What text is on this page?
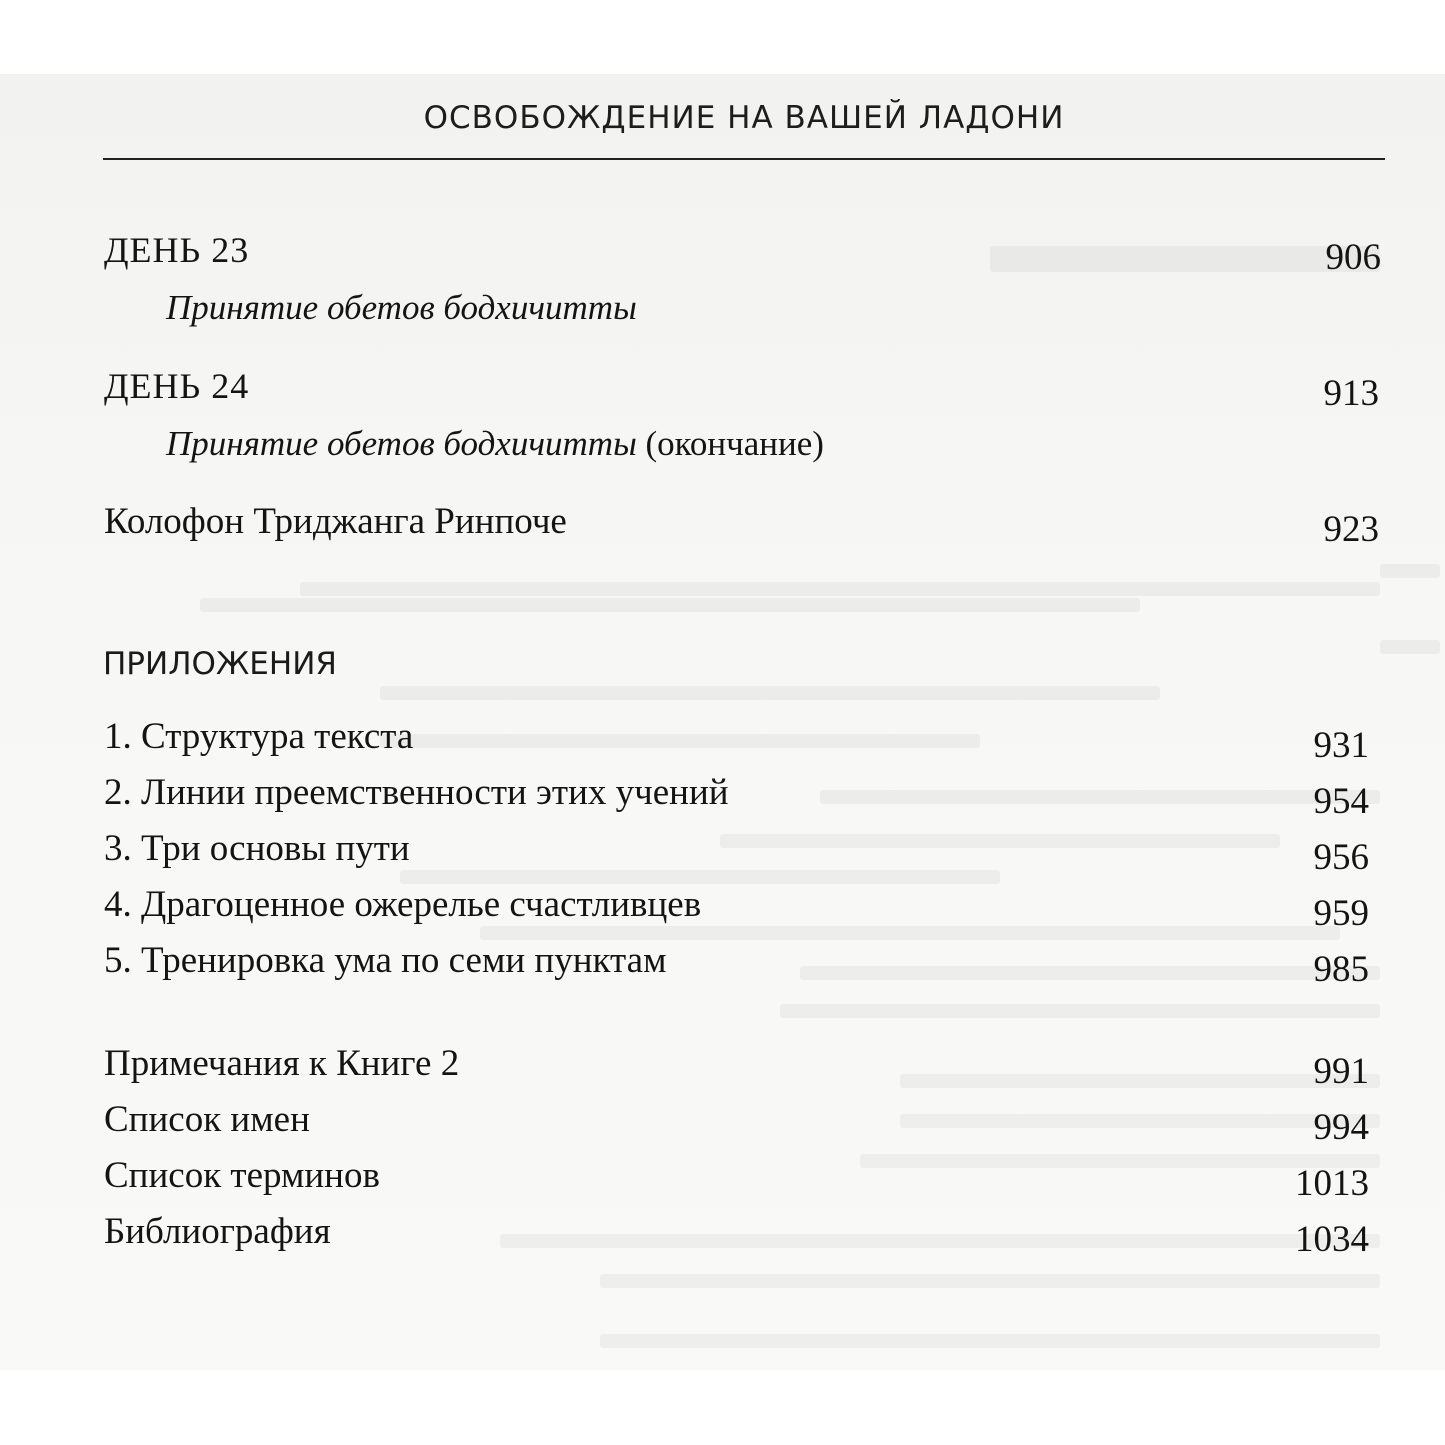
ОСВОБОЖДЕНИЕ НА ВАШЕЙ ЛАДОНИ
ДЕНЬ 23	906
Принятие обетов бодхичитты
ДЕНЬ 24	913
Принятие обетов бодхичитты (окончание)
Колофон Триджанга Ринпоче	923
ПРИЛОЖЕНИЯ
1. Структура текста	931
2. Линии преемственности этих учений	954
3. Три основы пути	956
4. Драгоценное ожерелье счастливцев	959
5. Тренировка ума по семи пунктам	985
Примечания к Книге 2	991
Список имен	994
Список терминов	1013
Библиография	1034
